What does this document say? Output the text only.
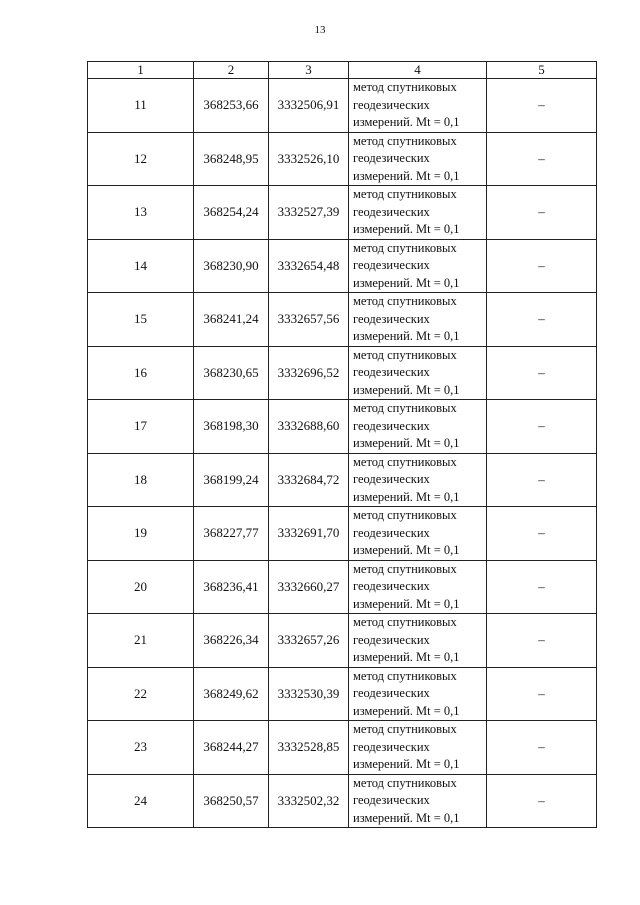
13
1	2	3	4	5
11	368253,66	3332506,91	метод спутниковых
геодезических
измерений. Mt = 0,1	–
12	368248,95	3332526,10	метод спутниковых
геодезических
измерений. Mt = 0,1	–
13	368254,24	3332527,39	метод спутниковых
геодезических
измерений. Mt = 0,1	–
14	368230,90	3332654,48	метод спутниковых
геодезических
измерений. Mt = 0,1	–
15	368241,24	3332657,56	метод спутниковых
геодезических
измерений. Mt = 0,1	–
16	368230,65	3332696,52	метод спутниковых
геодезических
измерений. Mt = 0,1	–
17	368198,30	3332688,60	метод спутниковых
геодезических
измерений. Mt = 0,1	–
18	368199,24	3332684,72	метод спутниковых
геодезических
измерений. Mt = 0,1	–
19	368227,77	3332691,70	метод спутниковых
геодезических
измерений. Mt = 0,1	–
20	368236,41	3332660,27	метод спутниковых
геодезических
измерений. Mt = 0,1	–
21	368226,34	3332657,26	метод спутниковых
геодезических
измерений. Mt = 0,1	–
22	368249,62	3332530,39	метод спутниковых
геодезических
измерений. Mt = 0,1	–
23	368244,27	3332528,85	метод спутниковых
геодезических
измерений. Mt = 0,1	–
24	368250,57	3332502,32	метод спутниковых
геодезических
измерений. Mt = 0,1	–
